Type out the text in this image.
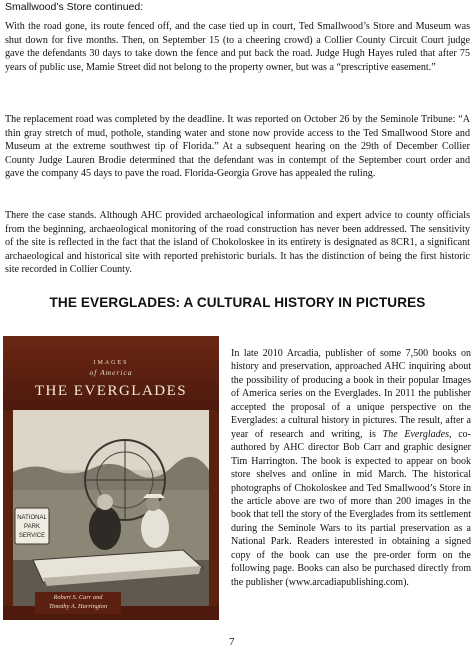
Smallwood’s Store continued:

With the road gone, its route fenced off, and the case tied up in court, Ted Smallwood’s Store and Museum was shut down for five months. Then, on September 15 (to a cheering crowd) a Collier County Circuit Court judge gave the defendants 30 days to take down the fence and put back the road. Judge Hugh Hayes ruled that after 75 years of public use, Mamie Street did not belong to the property owner, but was a “prescriptive easement.”

The replacement road was completed by the deadline. It was reported on October 26 by the Seminole Tribune: “A thin gray stretch of mud, pothole, standing water and stone now provide access to the Ted Smallwood Store and Museum at the extreme southwest tip of Florida.” At a subsequent hearing on the 29th of December Collier County Judge Lauren Brodie determined that the defendant was in contempt of the September court order and gave the company 45 days to pave the road. Florida-Georgia Grove has appealed the ruling.

There the case stands. Although AHC provided archaeological information and expert advice to county officials from the beginning, archaeological monitoring of the road construction has never been addressed. The sensitivity of the site is reflected in the fact that the island of Chokoloskee in its entirety is designated as 8CR1, a significant archaeological and historical site with reported prehistoric burials. It has the distinction of being the first historic site recorded in Collier County.

THE EVERGLADES: A CULTURAL HISTORY IN PICTURES
IMAGES
of America
THE EVERGLADES
NATIONAL
PARK
SERVICE
Robert S. Carr and
Timothy A. Harrington

In late 2010 Arcadia, publisher of some 7,500 books on history and preservation, approached AHC inquiring about the possibility of producing a book in their popular Images of America series on the Everglades. In 2011 the publisher accepted the proposal of a unique perspective on the Everglades: a cultural history in pictures. The result, after a year of research and writing, is The Everglades, co-authored by AHC director Bob Carr and graphic designer Tim Harrington. The book is expected to appear on book store shelves and online in mid March. The historical photographs of Chokoloskee and Ted Smallwood’s Store in the article above are two of more than 200 images in the book that tell the story of the Everglades from its settlement during the Seminole Wars to its partial preservation as a National Park. Readers interested in obtaining a signed copy of the book can use the pre-order form on the following page. Books can also be purchased directly from the publisher (www.arcadiapublishing.com).

7
